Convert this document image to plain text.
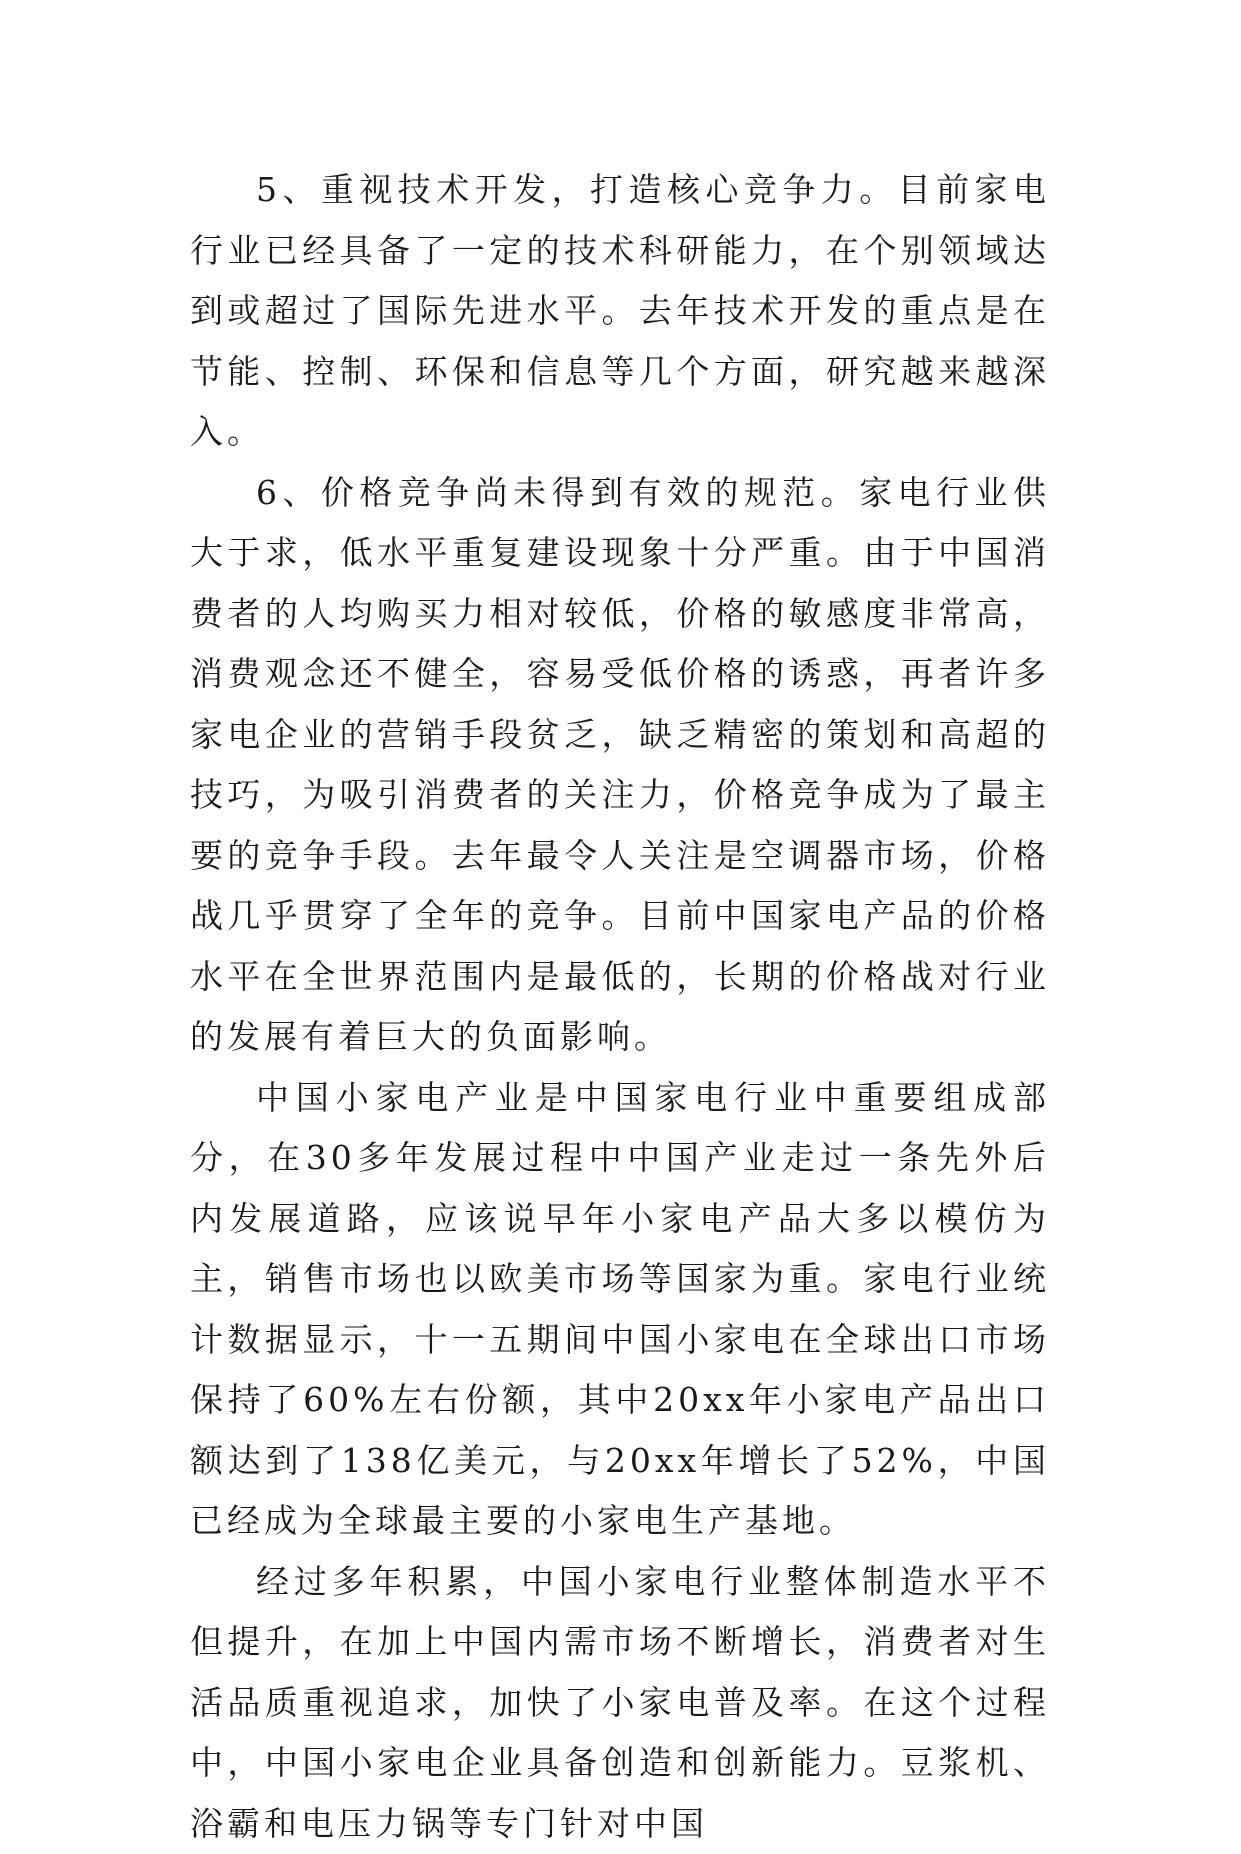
5、重视技术开发，打造核心竞争力。目前家电行业已经具备了一定的技术科研能力，在个别领域达到或超过了国际先进水平。去年技术开发的重点是在节能、控制、环保和信息等几个方面，研究越来越深入。

6、价格竞争尚未得到有效的规范。家电行业供大于求，低水平重复建设现象十分严重。由于中国消费者的人均购买力相对较低，价格的敏感度非常高，消费观念还不健全，容易受低价格的诱惑，再者许多家电企业的营销手段贫乏，缺乏精密的策划和高超的技巧，为吸引消费者的关注力，价格竞争成为了最主要的竞争手段。去年最令人关注是空调器市场，价格战几乎贯穿了全年的竞争。目前中国家电产品的价格水平在全世界范围内是最低的，长期的价格战对行业的发展有着巨大的负面影响。

中国小家电产业是中国家电行业中重要组成部分，在30多年发展过程中中国产业走过一条先外后内发展道路，应该说早年小家电产品大多以模仿为主，销售市场也以欧美市场等国家为重。家电行业统计数据显示，十一五期间中国小家电在全球出口市场保持了60%左右份额，其中20xx年小家电产品出口额达到了138亿美元，与20xx年增长了52%，中国已经成为全球最主要的小家电生产基地。

经过多年积累，中国小家电行业整体制造水平不但提升，在加上中国内需市场不断增长，消费者对生活品质重视追求，加快了小家电普及率。在这个过程中，中国小家电企业具备创造和创新能力。豆浆机、浴霸和电压力锅等专门针对中国
